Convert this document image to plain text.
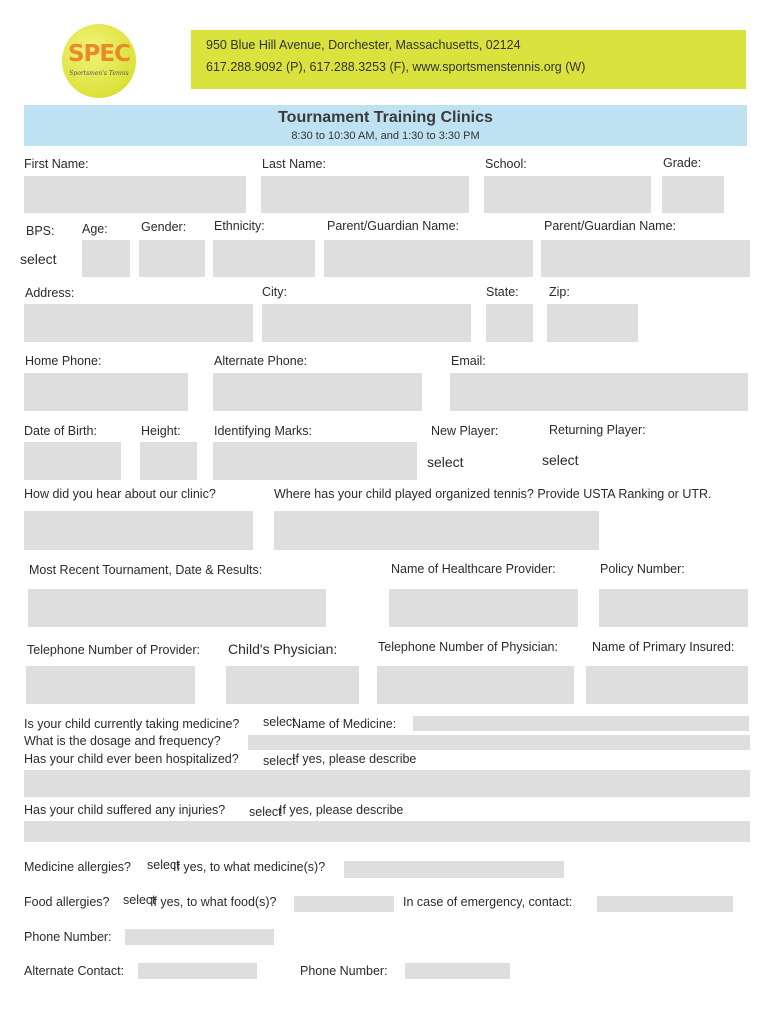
SPEC
Sportsmen's Tennis
950 Blue Hill Avenue, Dorchester, Massachusetts, 02124
617.288.9092 (P), 617.288.3253 (F), www.sportsmenstennis.org (W)
Tournament Training Clinics
8:30 to 10:30 AM, and 1:30 to 3:30 PM
First Name:	Last Name:	School:	Grade:
BPS: Age:	Gender: Ethnicity:	Parent/Guardian Name:	Parent/Guardian Name:
select
Address:	City:	State: Zip:
Home Phone:	Alternate Phone:	Email:
Date of Birth:	Height:	Identifying Marks:	New Player:	Returning Player:
select	select
How did you hear about our clinic?	Where has your child played organized tennis? Provide USTA Ranking or UTR.
Most Recent Tournament, Date & Results:	Name of Healthcare Provider:	Policy Number:
Telephone Number of Provider: Child's Physician:	Telephone Number of Physician:	Name of Primary Insured:
Is your child currently taking medicine? select
Name of Medicine:
What is the dosage and frequency?
Has your child ever been hospitalized? select
If yes, please describe
Has your child suffered any injuries? select
If yes, please describe
Medicine allergies? select
If yes, to what medicine(s)?
Food allergies? select
If yes, to what food(s)?	In case of emergency, contact:
Phone Number:
Alternate Contact:	Phone Number:
